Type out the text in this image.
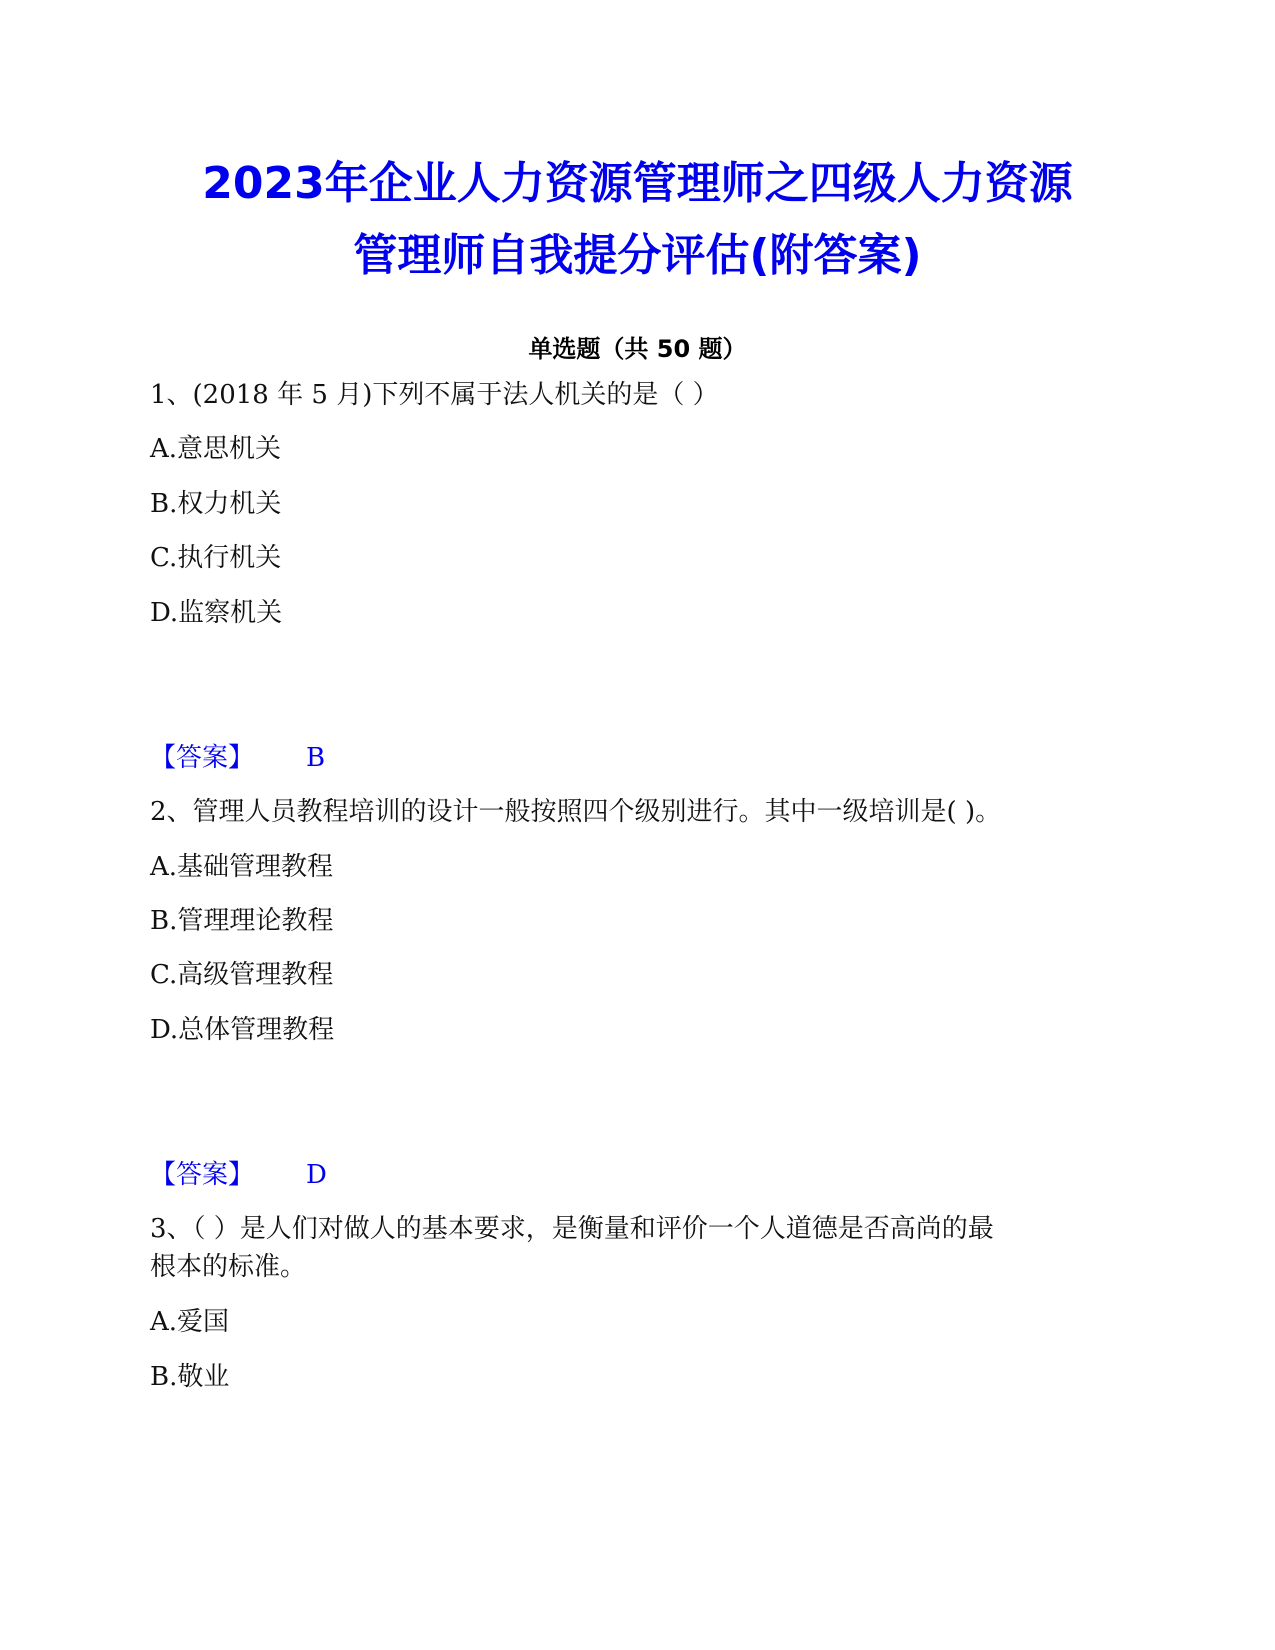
2023年企业人力资源管理师之四级人力资源
管理师自我提分评估(附答案)
单选题（共 50 题）
1、(2018 年 5 月)下列不属于法人机关的是（ ）
A.意思机关
B.权力机关
C.执行机关
D.监察机关
【答案】 B
2、管理人员教程培训的设计一般按照四个级别进行。其中一级培训是( )。
A.基础管理教程
B.管理理论教程
C.高级管理教程
D.总体管理教程
【答案】 D
3、（ ）是人们对做人的基本要求，是衡量和评价一个人道德是否高尚的最
根本的标准。
A.爱国
B.敬业
